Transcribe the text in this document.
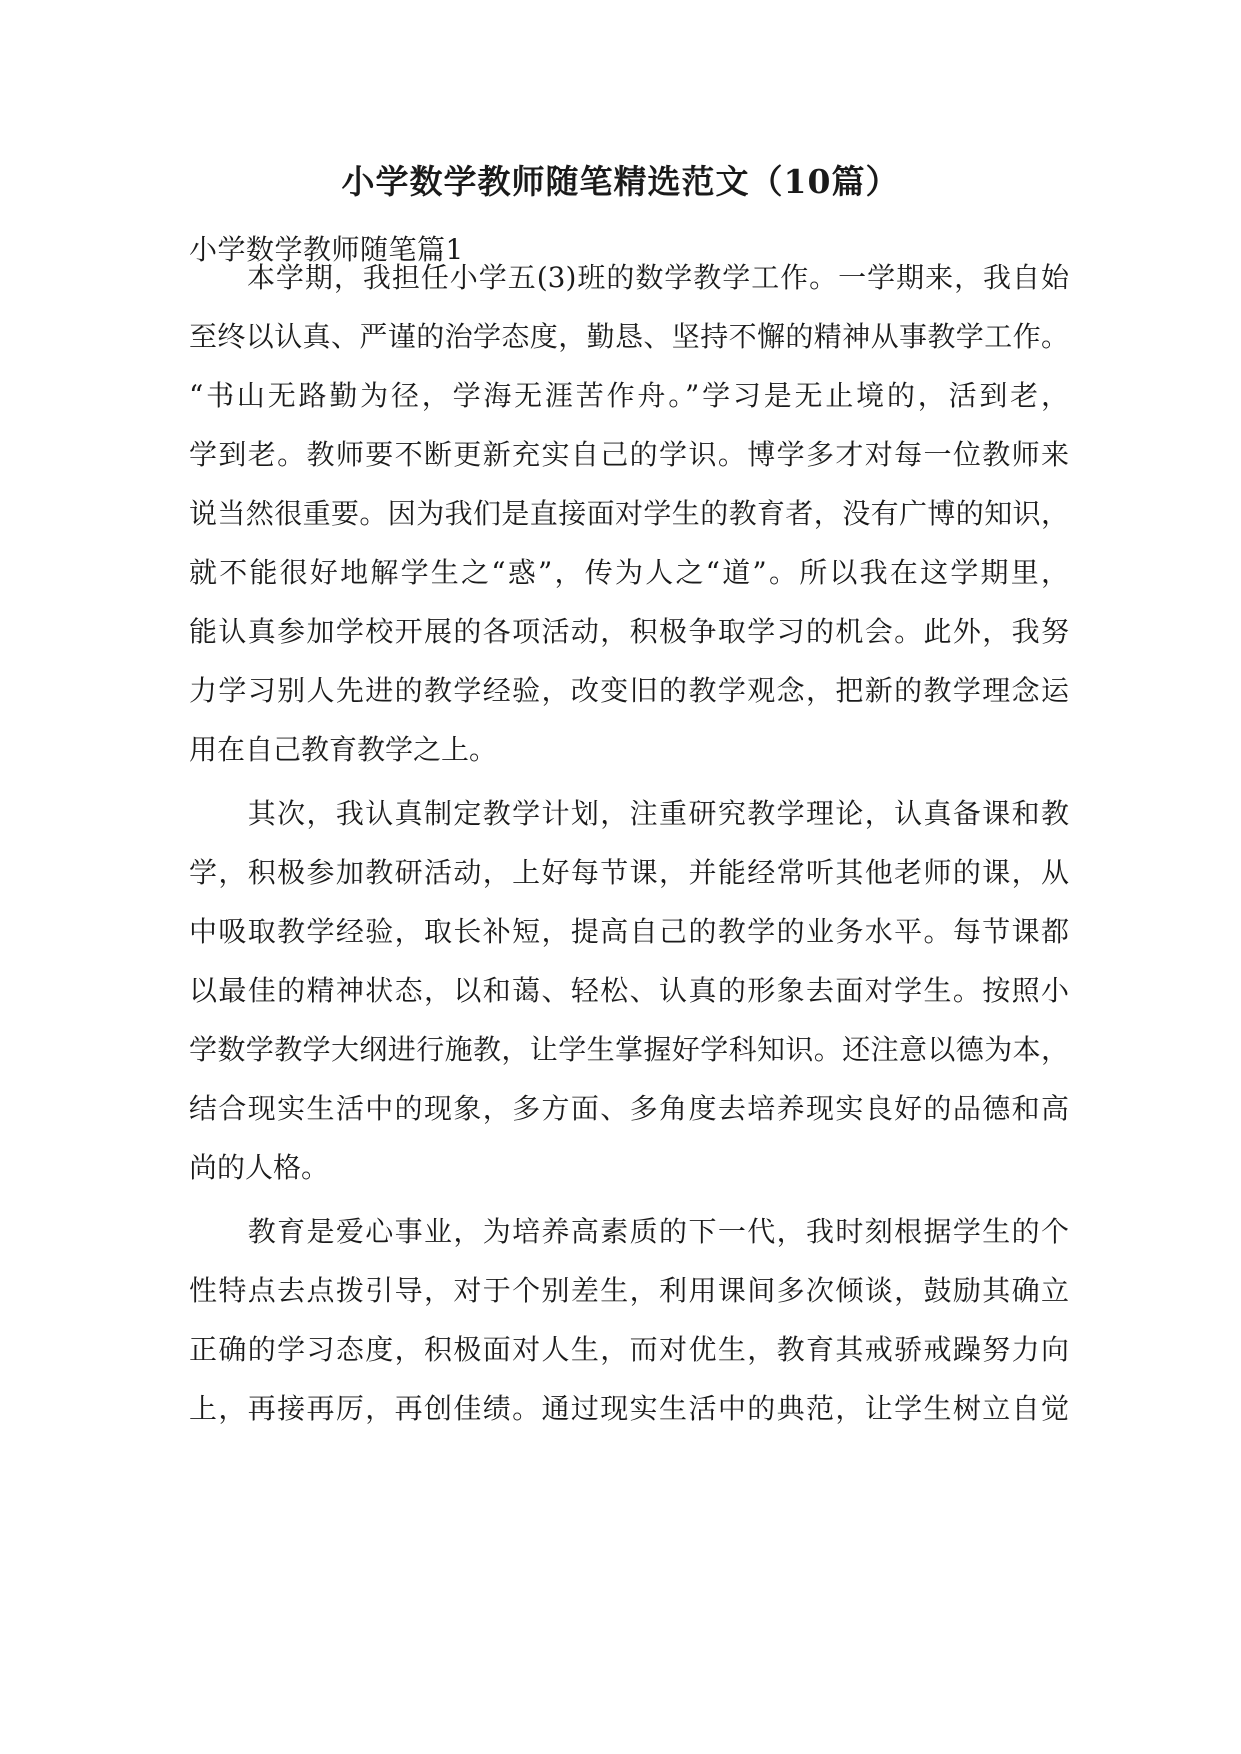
小学数学教师随笔精选范文（10篇）

小学数学教师随笔篇1

　　本学期，我担任小学五(3)班的数学教学工作。一学期来，我自始

至终以认真、严谨的治学态度，勤恳、坚持不懈的精神从事教学工作。

“书山无路勤为径，学海无涯苦作舟。”学习是无止境的，活到老，

学到老。教师要不断更新充实自己的学识。博学多才对每一位教师来

说当然很重要。因为我们是直接面对学生的教育者，没有广博的知识，

就不能很好地解学生之“惑”，传为人之“道”。所以我在这学期里，

能认真参加学校开展的各项活动，积极争取学习的机会。此外，我努

力学习别人先进的教学经验，改变旧的教学观念，把新的教学理念运

用在自己教育教学之上。

　　其次，我认真制定教学计划，注重研究教学理论，认真备课和教

学，积极参加教研活动，上好每节课，并能经常听其他老师的课，从

中吸取教学经验，取长补短，提高自己的教学的业务水平。每节课都

以最佳的精神状态，以和蔼、轻松、认真的形象去面对学生。按照小

学数学教学大纲进行施教，让学生掌握好学科知识。还注意以德为本，

结合现实生活中的现象，多方面、多角度去培养现实良好的品德和高

尚的人格。

　　教育是爱心事业，为培养高素质的下一代，我时刻根据学生的个

性特点去点拨引导，对于个别差生，利用课间多次倾谈，鼓励其确立

正确的学习态度，积极面对人生，而对优生，教育其戒骄戒躁努力向

上，再接再厉，再创佳绩。通过现实生活中的典范，让学生树立自觉
